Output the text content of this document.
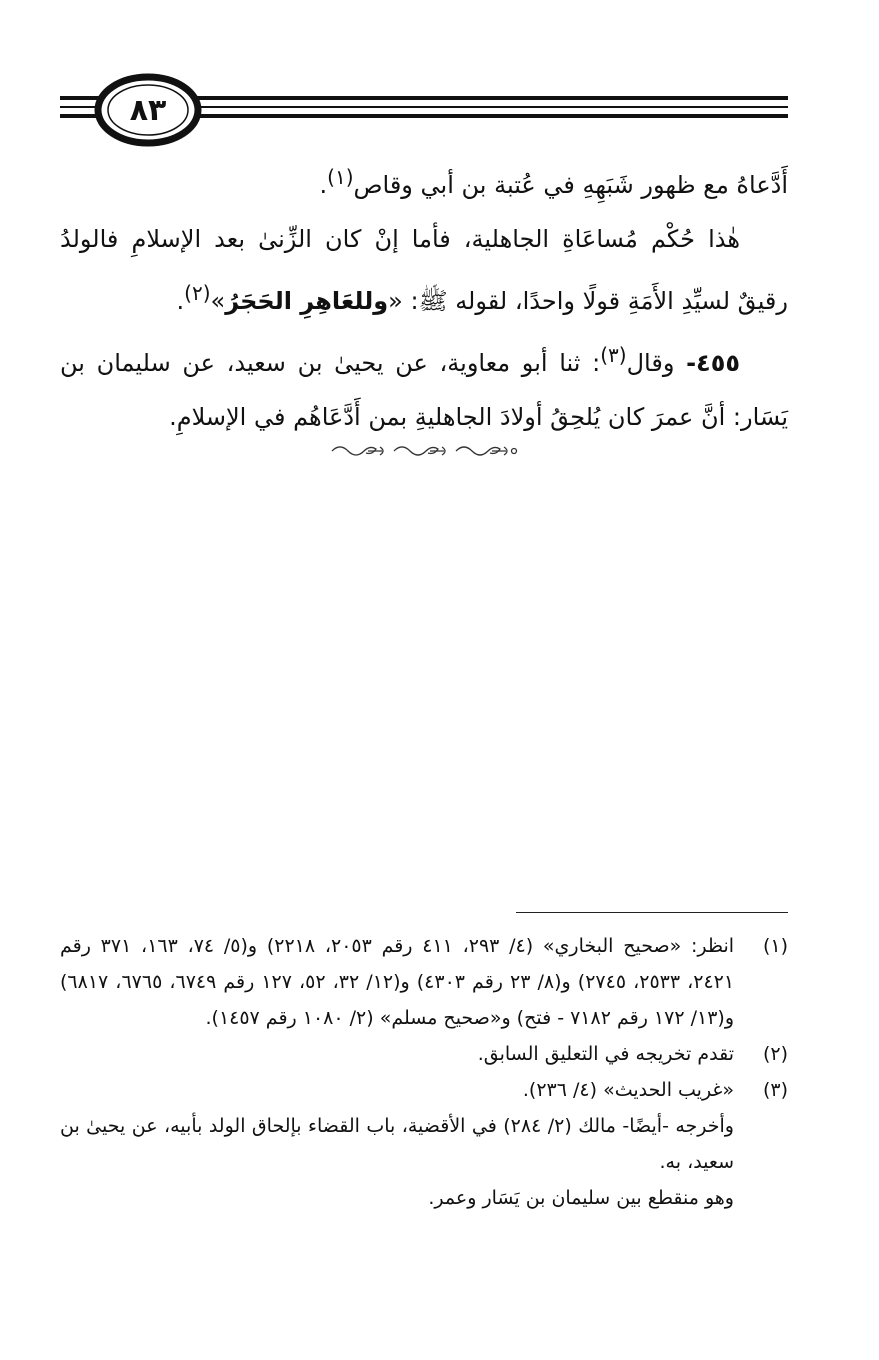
٨٣

أَدَّعاهُ مع ظهور شَبَهِهِ في عُتبة بن أبي وقاص$^{(١)}$.

هٰذا حُكْم مُساعَاةِ الجاهلية، فأما إنْ كان الزِّنىٰ بعد الإسلامِ فالولدُ رقيقٌ لسيِّدِ الأَمَةِ قولًا واحدًا، لقوله ﷺ: «وللعَاهِرِ الحَجَرُ»$^{(٢)}$.

٤٥٥- وقال$^{(٣)}$: ثنا أبو معاوية، عن يحيىٰ بن سعيد، عن سليمان بن يَسَار: أنَّ عمرَ كان يُلحِقُ أولادَ الجاهليةِ بمن أَدَّعَاهُم في الإسلامِ.

(١)
انظر: «صحيح البخاري» (٤/ ٢٩٣، ٤١١ رقم ٢٠٥٣، ٢٢١٨) و(٥/ ٧٤، ١٦٣، ٣٧١ رقم ٢٤٢١، ٢٥٣٣، ٢٧٤٥) و(٨/ ٢٣ رقم ٤٣٠٣) و(١٢/ ٣٢، ٥٢، ١٢٧ رقم ٦٧٤٩، ٦٧٦٥، ٦٨١٧) و(١٣/ ١٧٢ رقم ٧١٨٢ - فتح) و«صحيح مسلم» (٢/ ١٠٨٠ رقم ١٤٥٧).
(٢)
تقدم تخريجه في التعليق السابق.
(٣)
«غريب الحديث» (٤/ ٢٣٦).

وأخرجه -أيضًا- مالك (٢/ ٢٨٤) في الأقضية، باب القضاء بإلحاق الولد بأبيه، عن يحيىٰ بن سعيد، به.

وهو منقطع بين سليمان بن يَسَار وعمر.
